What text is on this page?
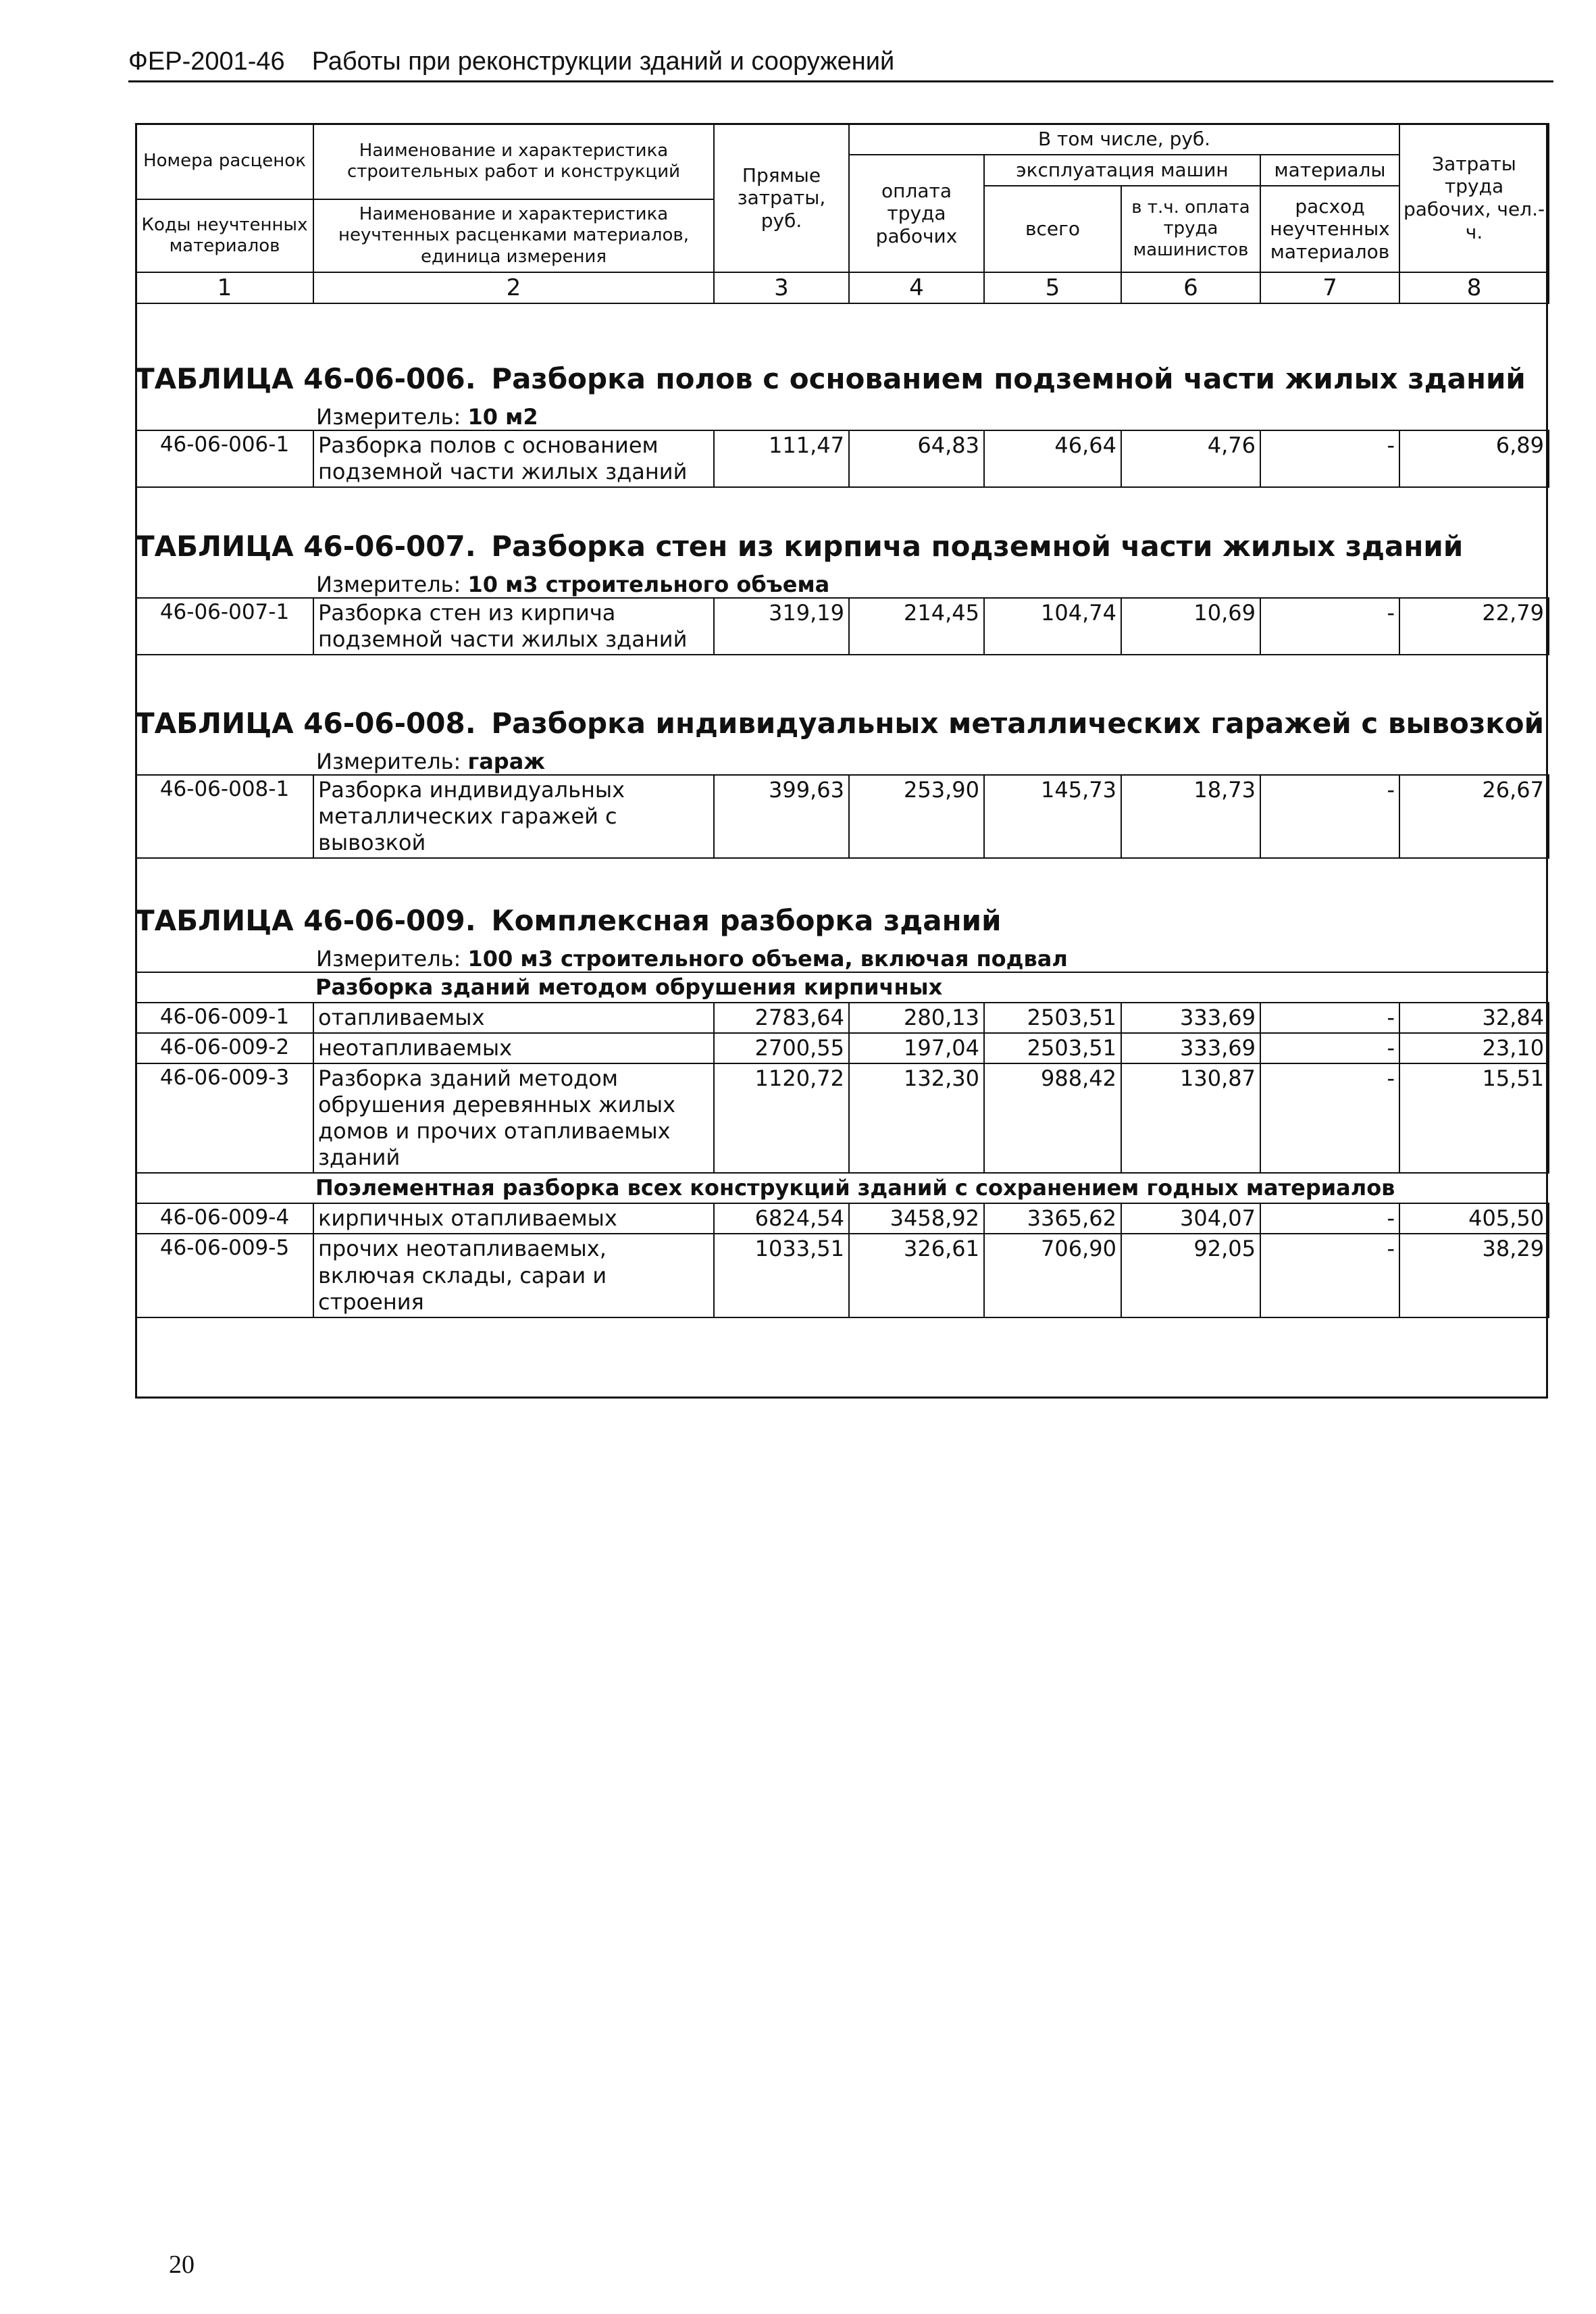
ФЕР-2001-46 Работы при реконструкции зданий и сооружений
Номера расценок	Наименование и характеристика строительных работ и конструкций	Прямые затраты, руб.	В том числе, руб.				Затраты труда рабочих, чел.-ч.
			оплата труда рабочих	эксплуатация машин		материалы	
				всего	в т.ч. оплата труда машинистов	расход неучтенных материалов	
Коды неучтенных материалов	Наименование и характеристика неучтенных расценками материалов, единица измерения						

1	2	3	4	5	6	7	8
ТАБЛИЦА 46-06-006. Разборка полов с основанием подземной части жилых зданий
Измеритель: 10 м2
46-06-006-1	Разборка полов с основанием подземной части жилых зданий	111,47	64,83	46,64	4,76	-	6,89
ТАБЛИЦА 46-06-007. Разборка стен из кирпича подземной части жилых зданий
Измеритель: 10 м3 строительного объема
46-06-007-1	Разборка стен из кирпича подземной части жилых зданий	319,19	214,45	104,74	10,69	-	22,79
ТАБЛИЦА 46-06-008. Разборка индивидуальных металлических гаражей с вывозкой
Измеритель: гараж
46-06-008-1	Разборка индивидуальных металлических гаражей с вывозкой	399,63	253,90	145,73	18,73	-	26,67
ТАБЛИЦА 46-06-009. Комплексная разборка зданий
Измеритель: 100 м3 строительного объема, включая подвал
Разборка зданий методом обрушения кирпичных							
46-06-009-1	отапливаемых	2783,64	280,13	2503,51	333,69	-	32,84
46-06-009-2	неотапливаемых	2700,55	197,04	2503,51	333,69	-	23,10
46-06-009-3	Разборка зданий методом обрушения деревянных жилых домов и прочих отапливаемых зданий	1120,72	132,30	988,42	130,87	-	15,51
Поэлементная разборка всех конструкций зданий с сохранением годных материалов							
46-06-009-4	кирпичных отапливаемых	6824,54	3458,92	3365,62	304,07	-	405,50
46-06-009-5	прочих неотапливаемых, включая склады, сараи и строения	1033,51	326,61	706,90	92,05	-	38,29
20
